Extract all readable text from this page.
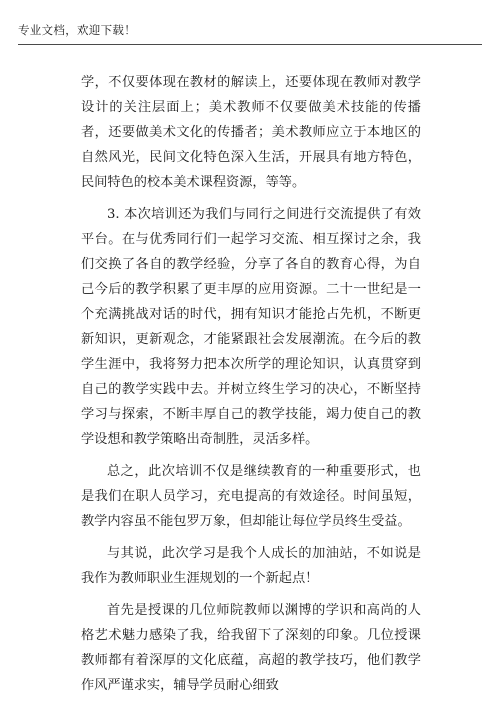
专业文档，欢迎下载！

学，不仅要体现在教材的解读上，还要体现在教师对教学设计的关注层面上；美术教师不仅要做美术技能的传播者，还要做美术文化的传播者；美术教师应立于本地区的自然风光，民间文化特色深入生活，开展具有地方特色，民间特色的校本美术课程资源，等等。

3. 本次培训还为我们与同行之间进行交流提供了有效平台。在与优秀同行们一起学习交流、相互探讨之余，我们交换了各自的教学经验，分享了各自的教育心得，为自己今后的教学积累了更丰厚的应用资源。二十一世纪是一个充满挑战对话的时代，拥有知识才能抢占先机，不断更新知识，更新观念，才能紧跟社会发展潮流。在今后的教学生涯中，我将努力把本次所学的理论知识，认真贯穿到自己的教学实践中去。并树立终生学习的决心，不断坚持学习与探索，不断丰厚自己的教学技能，竭力使自己的教学设想和教学策略出奇制胜，灵活多样。

总之，此次培训不仅是继续教育的一种重要形式，也是我们在职人员学习，充电提高的有效途径。时间虽短，教学内容虽不能包罗万象，但却能让每位学员终生受益。

与其说，此次学习是我个人成长的加油站，不如说是我作为教师职业生涯规划的一个新起点！

首先是授课的几位师院教师以渊博的学识和高尚的人格艺术魅力感染了我，给我留下了深刻的印象。几位授课教师都有着深厚的文化底蕴，高超的教学技巧，他们教学作风严谨求实，辅导学员耐心细致
